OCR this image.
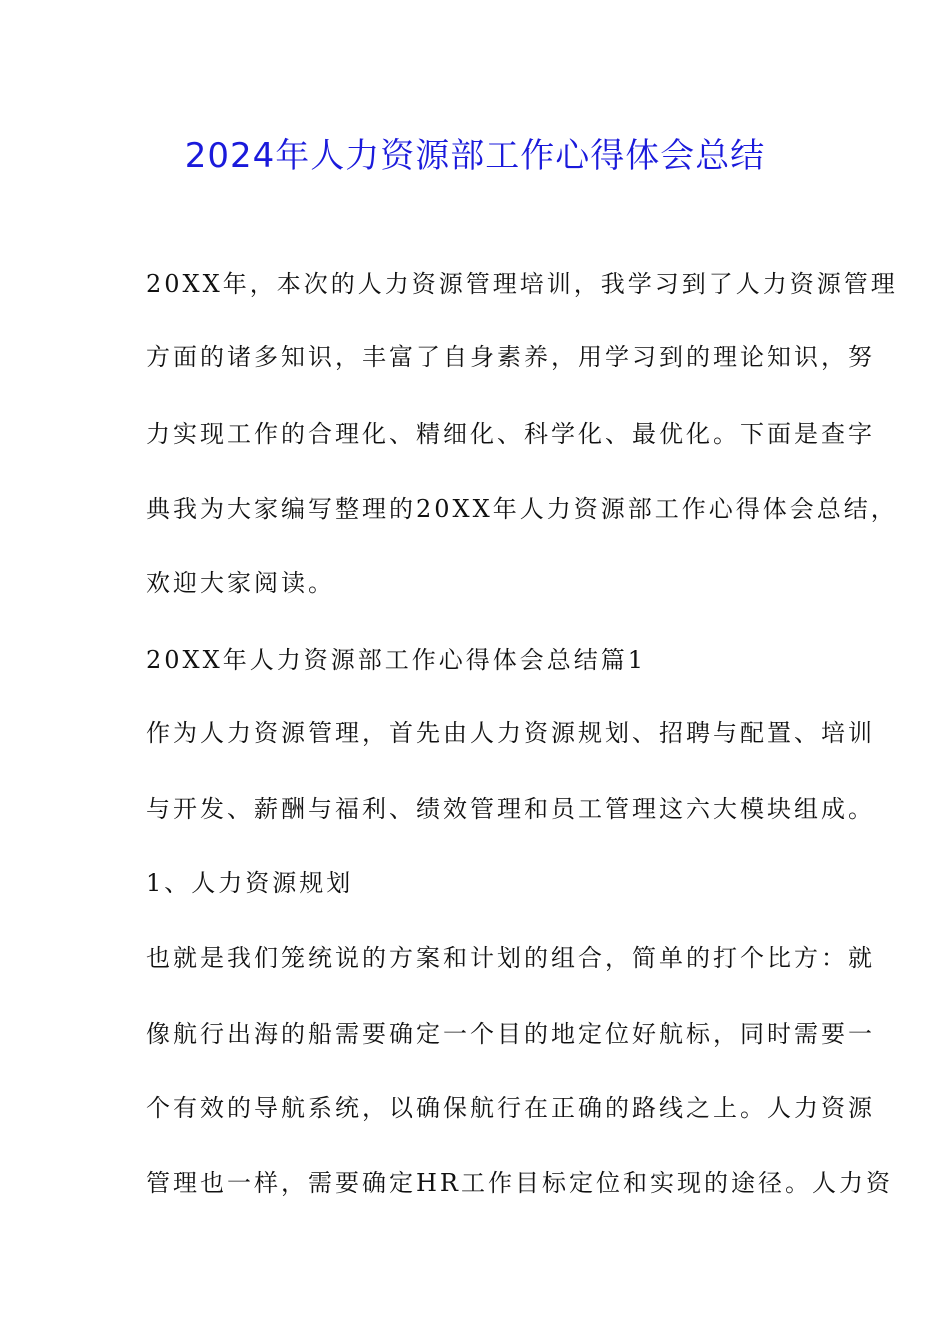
2024年人力资源部工作心得体会总结
20XX年，本次的人力资源管理培训，我学习到了人力资源管理
方面的诸多知识，丰富了自身素养，用学习到的理论知识，努
力实现工作的合理化、精细化、科学化、最优化。下面是查字
典我为大家编写整理的20XX年人力资源部工作心得体会总结，
欢迎大家阅读。
20XX年人力资源部工作心得体会总结篇1
作为人力资源管理，首先由人力资源规划、招聘与配置、培训
与开发、薪酬与福利、绩效管理和员工管理这六大模块组成。
1、人力资源规划
也就是我们笼统说的方案和计划的组合，简单的打个比方：就
像航行出海的船需要确定一个目的地定位好航标，同时需要一
个有效的导航系统，以确保航行在正确的路线之上。人力资源
管理也一样，需要确定HR工作目标定位和实现的途径。人力资
